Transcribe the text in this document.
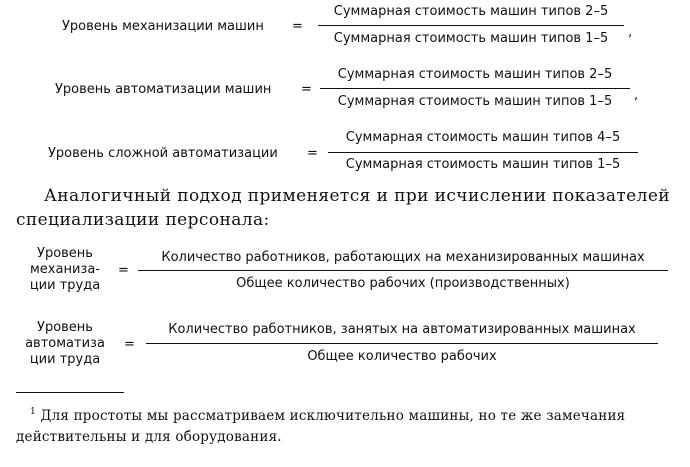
Уровень механизации машин =
Суммарная стоимость машин типов 2–5
Суммарная стоимость машин типов 1–5	,
Уровень автоматизации машин =
Суммарная стоимость машин типов 2–5
Суммарная стоимость машин типов 1–5	,
Уровень сложной автоматизации =
Суммарная стоимость машин типов 4–5
Суммарная стоимость машин типов 1–5
Аналогичный подход применяется и при исчислении показателей
специализации персонала:
Уровень
механиза-
ции труда
=
Количество работников, работающих на механизированных машинах
Общее количество рабочих (производственных)
Уровень
автоматиза
ции труда
=
Количество работников, занятых на автоматизированных машинах
Общее количество рабочих
$^1$ Для простоты мы рассматриваем исключительно машины, но те же замечания
действительны и для оборудования.
